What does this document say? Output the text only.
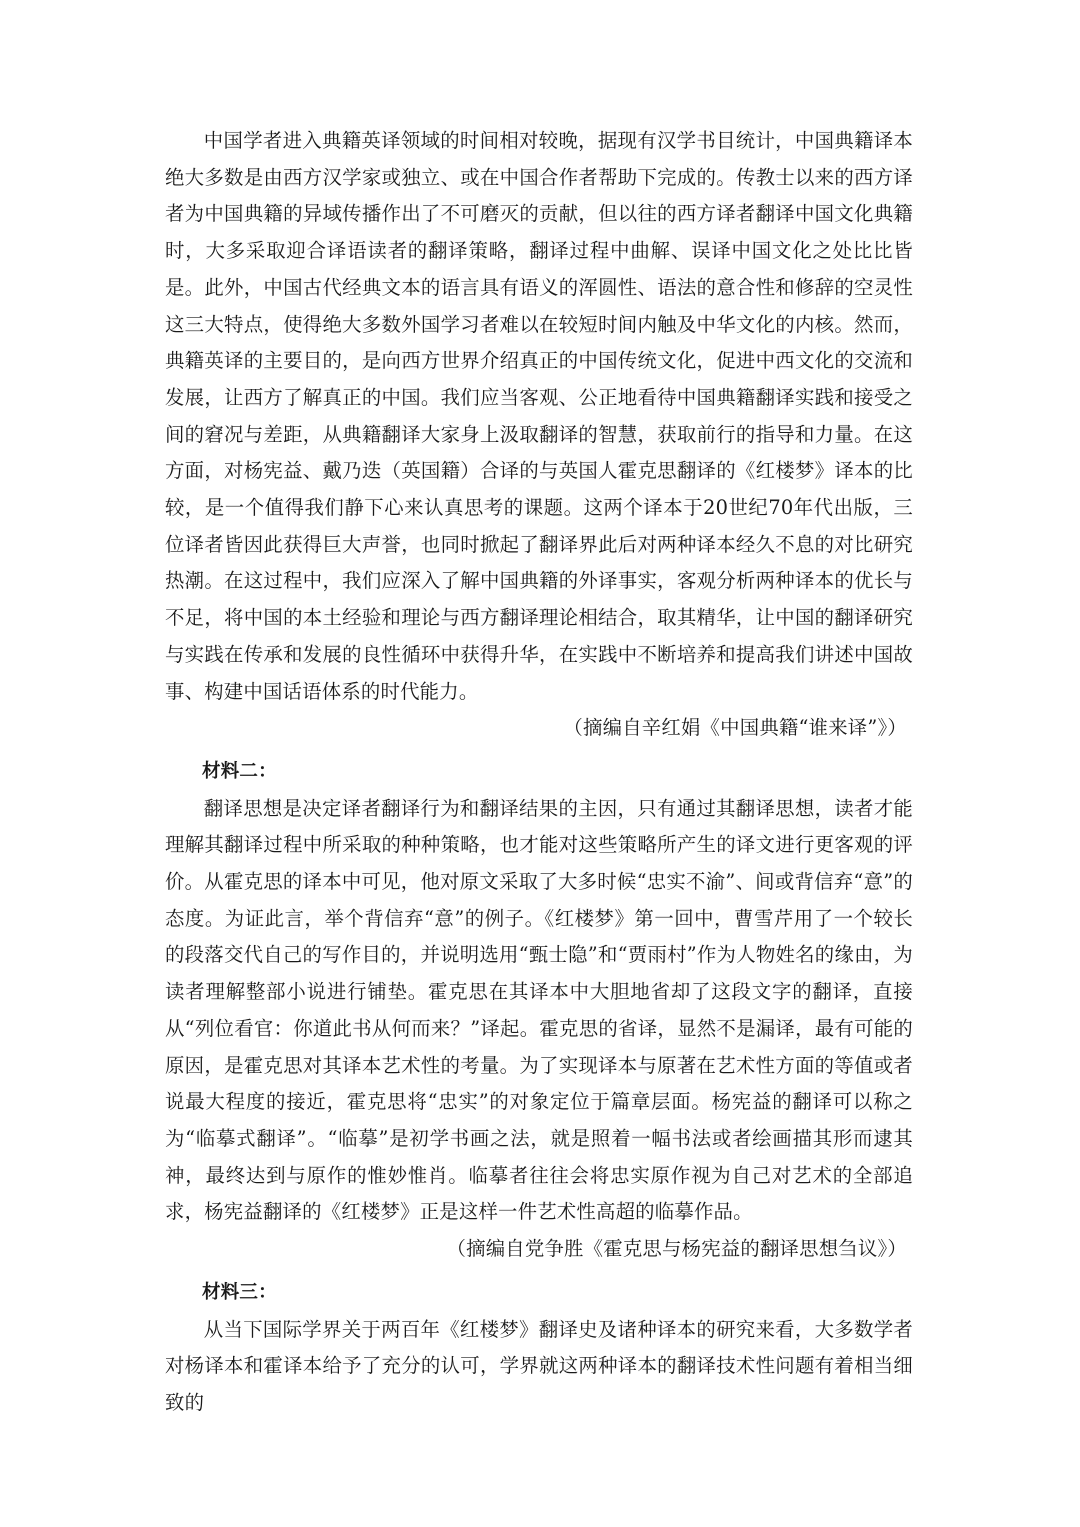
中国学者进入典籍英译领域的时间相对较晚，据现有汉学书目统计，中国典籍译本绝大多数是由西方汉学家或独立、或在中国合作者帮助下完成的。传教士以来的西方译者为中国典籍的异域传播作出了不可磨灭的贡献，但以往的西方译者翻译中国文化典籍时，大多采取迎合译语读者的翻译策略，翻译过程中曲解、误译中国文化之处比比皆是。此外，中国古代经典文本的语言具有语义的浑圆性、语法的意合性和修辞的空灵性这三大特点，使得绝大多数外国学习者难以在较短时间内触及中华文化的内核。然而，典籍英译的主要目的，是向西方世界介绍真正的中国传统文化，促进中西文化的交流和发展，让西方了解真正的中国。我们应当客观、公正地看待中国典籍翻译实践和接受之间的窘况与差距，从典籍翻译大家身上汲取翻译的智慧，获取前行的指导和力量。在这方面，对杨宪益、戴乃迭（英国籍）合译的与英国人霍克思翻译的《红楼梦》译本的比较，是一个值得我们静下心来认真思考的课题。这两个译本于20世纪70年代出版，三位译者皆因此获得巨大声誉，也同时掀起了翻译界此后对两种译本经久不息的对比研究热潮。在这过程中，我们应深入了解中国典籍的外译事实，客观分析两种译本的优长与不足，将中国的本土经验和理论与西方翻译理论相结合，取其精华，让中国的翻译研究与实践在传承和发展的良性循环中获得升华，在实践中不断培养和提高我们讲述中国故事、构建中国话语体系的时代能力。

（摘编自辛红娟《中国典籍“谁来译”》）

材料二：

翻译思想是决定译者翻译行为和翻译结果的主因，只有通过其翻译思想，读者才能理解其翻译过程中所采取的种种策略，也才能对这些策略所产生的译文进行更客观的评价。从霍克思的译本中可见，他对原文采取了大多时候“忠实不渝”、间或背信弃“意”的态度。为证此言，举个背信弃“意”的例子。《红楼梦》第一回中，曹雪芹用了一个较长的段落交代自己的写作目的，并说明选用“甄士隐”和“贾雨村”作为人物姓名的缘由，为读者理解整部小说进行铺垫。霍克思在其译本中大胆地省却了这段文字的翻译，直接从“列位看官：你道此书从何而来？”译起。霍克思的省译，显然不是漏译，最有可能的原因，是霍克思对其译本艺术性的考量。为了实现译本与原著在艺术性方面的等值或者说最大程度的接近，霍克思将“忠实”的对象定位于篇章层面。杨宪益的翻译可以称之为“临摹式翻译”。“临摹”是初学书画之法，就是照着一幅书法或者绘画描其形而逮其神，最终达到与原作的惟妙惟肖。临摹者往往会将忠实原作视为自己对艺术的全部追求，杨宪益翻译的《红楼梦》正是这样一件艺术性高超的临摹作品。

（摘编自党争胜《霍克思与杨宪益的翻译思想刍议》）

材料三：

从当下国际学界关于两百年《红楼梦》翻译史及诸种译本的研究来看，大多数学者对杨译本和霍译本给予了充分的认可，学界就这两种译本的翻译技术性问题有着相当细致的
